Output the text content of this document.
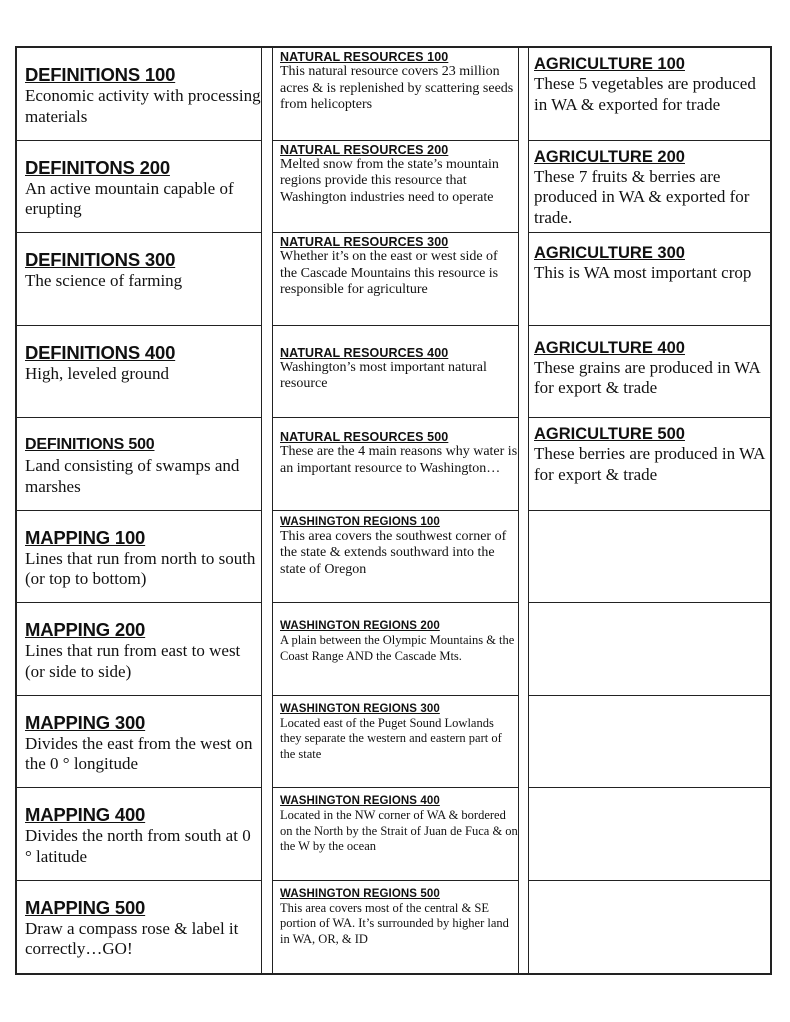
DEFINITIONS 100
Economic activity with processing materials
DEFINITONS 200
An active mountain capable of erupting
DEFINITIONS 300
The science of farming
DEFINITIONS 400
High, leveled ground
DEFINITIONS 500
Land consisting of swamps and marshes
MAPPING 100
Lines that run from north to south (or top to bottom)
MAPPING 200
Lines that run from east to west (or side to side)
MAPPING 300
Divides the east from the west on the 0 ° longitude
MAPPING 400
Divides the north from south at 0 ° latitude
MAPPING 500
Draw a compass rose & label it correctly…GO!
NATURAL RESOURCES 100
This natural resource covers 23 million acres & is replenished by scattering seeds from helicopters
NATURAL RESOURCES 200
Melted snow from the state’s mountain regions provide this resource that Washington industries need to operate
NATURAL RESOURCES 300
Whether it’s on the east or west side of the Cascade Mountains this resource is responsible for agriculture
NATURAL RESOURCES 400
Washington’s most important natural resource
NATURAL RESOURCES 500
These are the 4 main reasons why water is an important resource to Washington…
WASHINGTON REGIONS 100
This area covers the southwest corner of the state & extends southward into the state of Oregon
WASHINGTON REGIONS 200
A plain between the Olympic Mountains & the Coast Range AND the Cascade Mts.
WASHINGTON REGIONS 300
Located east of the Puget Sound Lowlands they separate the western and eastern part of the state
WASHINGTON REGIONS 400
Located in the NW corner of WA & bordered on the North by the Strait of Juan de Fuca & on the W by the ocean
WASHINGTON REGIONS 500
This area covers most of the central & SE portion of WA. It’s surrounded by higher land in WA, OR, & ID
AGRICULTURE 100
These 5 vegetables are produced in WA & exported for trade
AGRICULTURE 200
These 7 fruits & berries are produced in WA & exported for trade.
AGRICULTURE 300
This is WA most important crop
AGRICULTURE 400
These grains are produced in WA for export & trade
AGRICULTURE 500
These berries are produced in WA for export & trade
